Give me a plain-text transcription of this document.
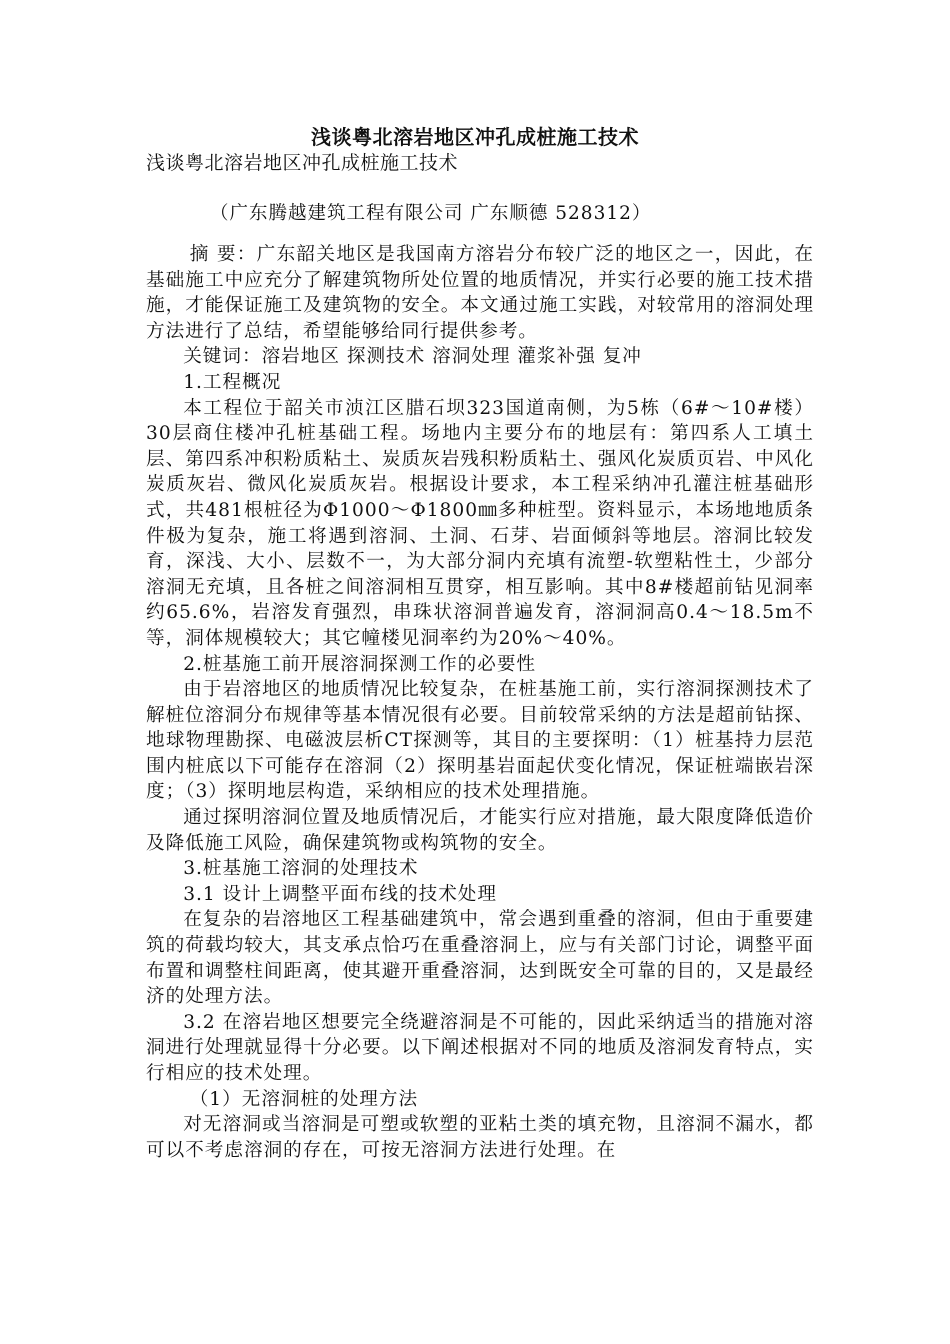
浅谈粤北溶岩地区冲孔成桩施工技术
浅谈粤北溶岩地区冲孔成桩施工技术
（广东腾越建筑工程有限公司 广东顺德 528312）

摘 要：广东韶关地区是我国南方溶岩分布较广泛的地区之一，因此，在基础施工中应充分了解建筑物所处位置的地质情况，并实行必要的施工技术措施，才能保证施工及建筑物的安全。本文通过施工实践，对较常用的溶洞处理方法进行了总结，希望能够给同行提供参考。

关键词：溶岩地区 探测技术 溶洞处理 灌浆补强 复冲

1.工程概况

本工程位于韶关市浈江区腊石坝323国道南侧，为5栋（6#～10#楼）30层商住楼冲孔桩基础工程。场地内主要分布的地层有：第四系人工填土层、第四系冲积粉质粘土、炭质灰岩残积粉质粘土、强风化炭质页岩、中风化炭质灰岩、微风化炭质灰岩。根据设计要求，本工程采纳冲孔灌注桩基础形式，共481根桩径为Φ1000～Φ1800㎜多种桩型。资料显示，本场地地质条件极为复杂，施工将遇到溶洞、土洞、石芽、岩面倾斜等地层。溶洞比较发育，深浅、大小、层数不一，为大部分洞内充填有流塑-软塑粘性土，少部分溶洞无充填，且各桩之间溶洞相互贯穿，相互影响。其中8#楼超前钻见洞率约65.6%，岩溶发育强烈，串珠状溶洞普遍发育，溶洞洞高0.4～18.5m不等，洞体规模较大；其它幢楼见洞率约为20%～40%。

2.桩基施工前开展溶洞探测工作的必要性

由于岩溶地区的地质情况比较复杂，在桩基施工前，实行溶洞探测技术了解桩位溶洞分布规律等基本情况很有必要。目前较常采纳的方法是超前钻探、地球物理勘探、电磁波层析CT探测等，其目的主要探明：（1）桩基持力层范围内桩底以下可能存在溶洞（2）探明基岩面起伏变化情况，保证桩端嵌岩深度；（3）探明地层构造，采纳相应的技术处理措施。

通过探明溶洞位置及地质情况后，才能实行应对措施，最大限度降低造价及降低施工风险，确保建筑物或构筑物的安全。

3.桩基施工溶洞的处理技术

3.1 设计上调整平面布线的技术处理

在复杂的岩溶地区工程基础建筑中，常会遇到重叠的溶洞，但由于重要建筑的荷载均较大，其支承点恰巧在重叠溶洞上，应与有关部门讨论，调整平面布置和调整柱间距离，使其避开重叠溶洞，达到既安全可靠的目的，又是最经济的处理方法。

3.2 在溶岩地区想要完全绕避溶洞是不可能的，因此采纳适当的措施对溶洞进行处理就显得十分必要。以下阐述根据对不同的地质及溶洞发育特点，实行相应的技术处理。

（1）无溶洞桩的处理方法

对无溶洞或当溶洞是可塑或软塑的亚粘土类的填充物，且溶洞不漏水，都可以不考虑溶洞的存在，可按无溶洞方法进行处理。在
